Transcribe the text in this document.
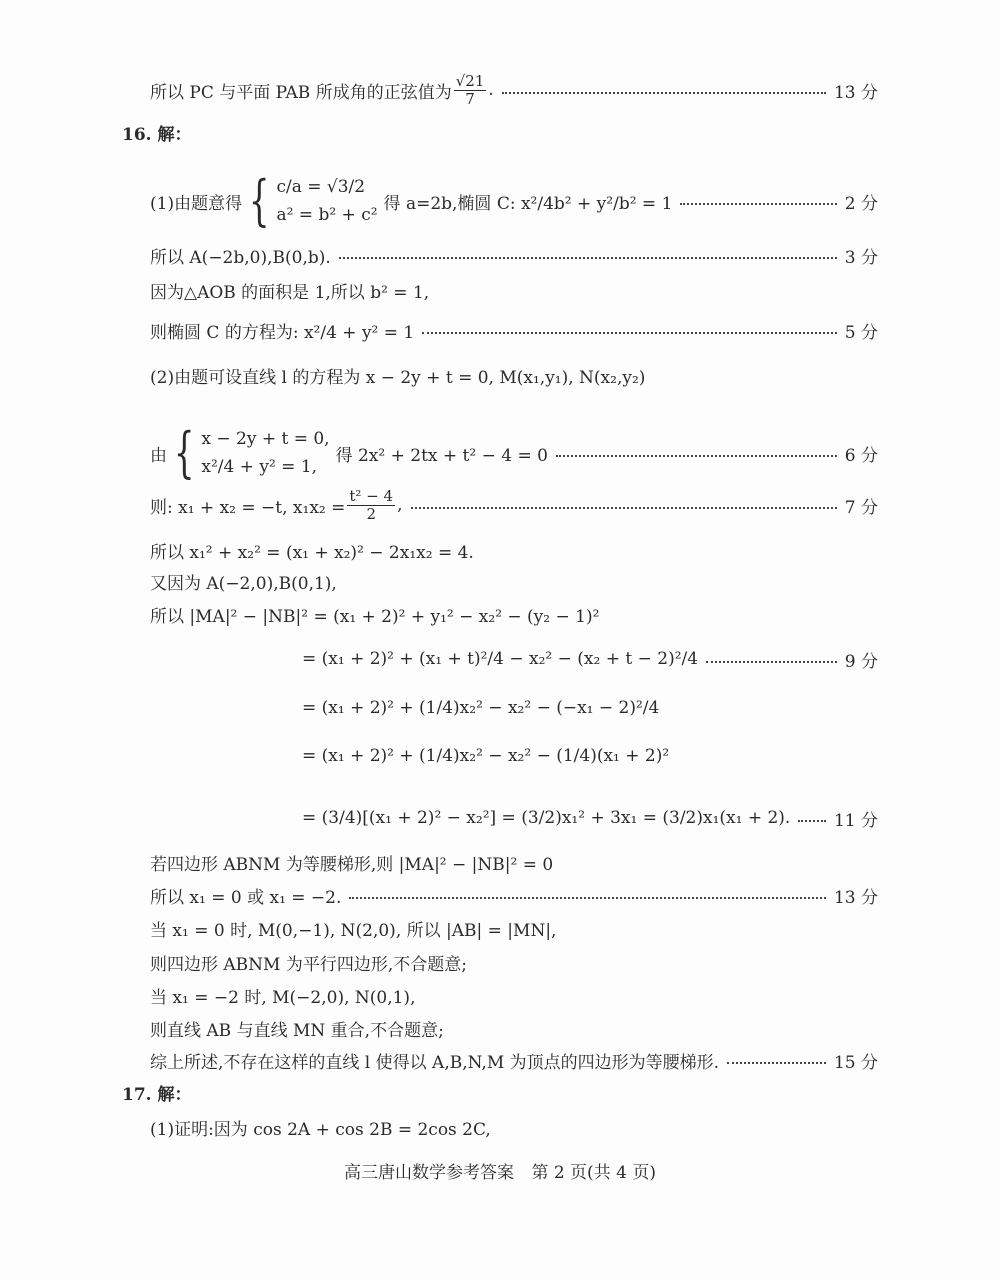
所以 PC 与平面 PAB 所成角的正弦值为 $\frac{√21}{7}$ .	13 分
16. 解：
(1)由题意得 { c/a = √3/2
a² = b² + c²
得 a=2b,椭圆 C: x²/4b² + y²/b² = 1	2 分
所以 A(−2b,0),B(0,b).	3 分
因为△AOB 的面积是 1,所以 b² = 1,
则椭圆 C 的方程为: x²/4 + y² = 1	5 分
(2)由题可设直线 l 的方程为 x − 2y + t = 0, M(x₁,y₁), N(x₂,y₂)
由 { x − 2y + t = 0,
x²/4 + y² = 1,
得 2x² + 2tx + t² − 4 = 0	6 分
则: x₁ + x₂ = −t, $x_1x_2 = \frac{\text{t² − 4}}{2}$ ,	7 分
所以 x₁² + x₂² = (x₁ + x₂)² − 2x₁x₂ = 4.
又因为 A(−2,0),B(0,1),
所以 |MA|² − |NB|² = (x₁ + 2)² + y₁² − x₂² − (y₂ − 1)²
= (x₁ + 2)² + (x₁ + t)²/4 − x₂² − (x₂ + t − 2)²/4	9 分
= (x₁ + 2)² + (1/4)x₂² − x₂² − (−x₁ − 2)²/4
= (x₁ + 2)² + (1/4)x₂² − x₂² − (1/4)(x₁ + 2)²
= (3/4)[(x₁ + 2)² − x₂²] = (3/2)x₁² + 3x₁ = (3/2)x₁(x₁ + 2).	11 分
若四边形 ABNM 为等腰梯形,则 |MA|² − |NB|² = 0
所以 x₁ = 0 或 x₁ = −2.	13 分
当 x₁ = 0 时, M(0,−1), N(2,0), 所以 |AB| = |MN|,
则四边形 ABNM 为平行四边形,不合题意;
当 x₁ = −2 时, M(−2,0), N(0,1),
则直线 AB 与直线 MN 重合,不合题意;
综上所述,不存在这样的直线 l 使得以 A,B,N,M 为顶点的四边形为等腰梯形.	15 分
17. 解：
(1)证明:因为 cos 2A + cos 2B = 2cos 2C,
高三唐山数学参考答案 第 2 页(共 4 页)
